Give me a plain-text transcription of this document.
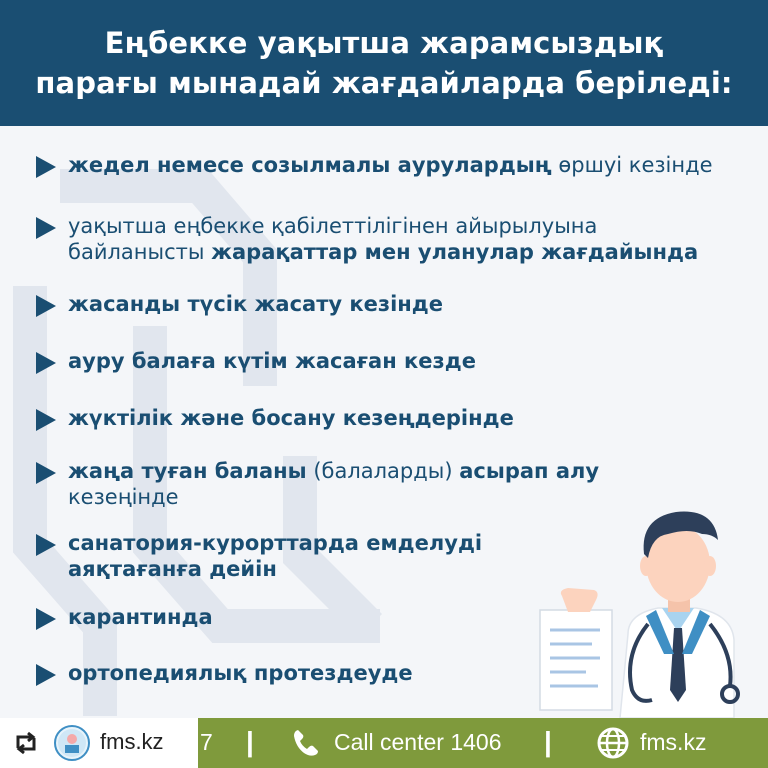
Еңбекке уақытша жарамсыздық
парағы мынадай жағдайларда беріледі:
жедел немесе созылмалы аурулардың өршуі кезінде
уақытша еңбекке қабілеттілігінен айырылуына байланысты жарақаттар мен уланулар жағдайында
жасанды түсік жасату кезінде
ауру балаға күтім жасаған кезде
жүктілік және босану кезеңдерінде
жаңа туған баланы (балаларды) асырап алу кезеңінде
санатория-курорттарда емделуді аяқтағанға дейін
карантинда
ортопедиялық протездеуде
fms.kz 7 |	Call center 1406 |	fms.kz
